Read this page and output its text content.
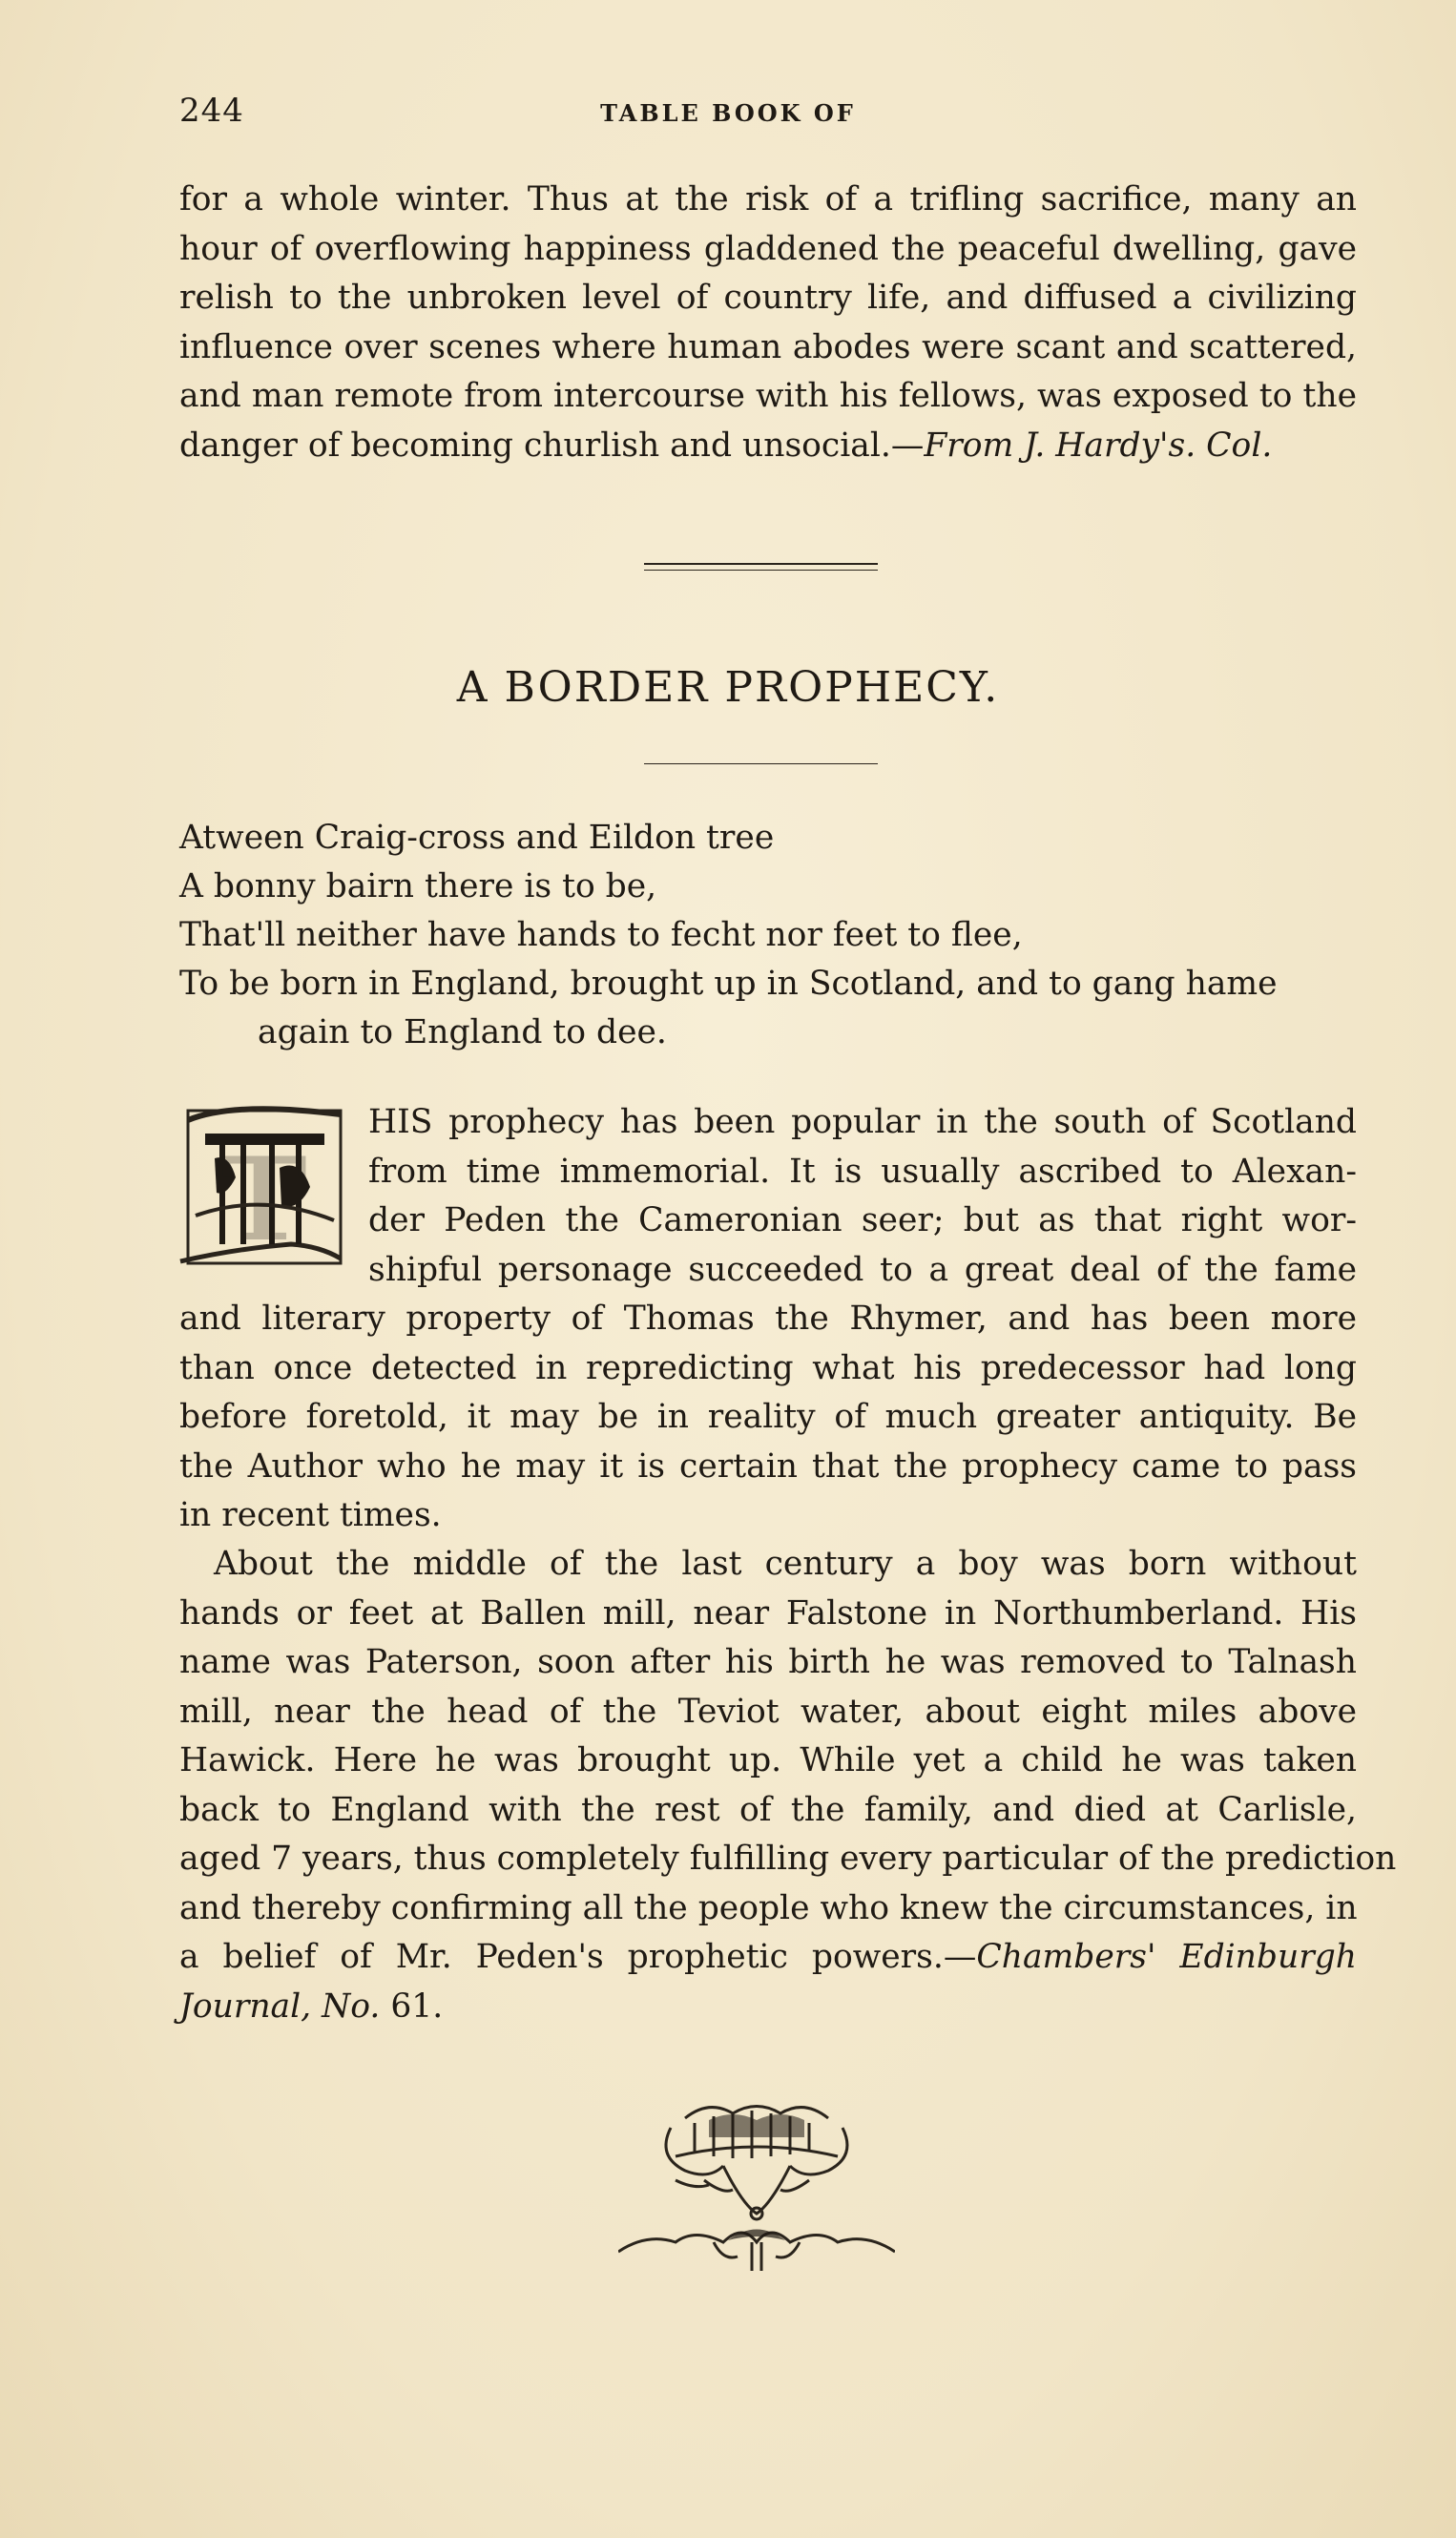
244	TABLE BOOK OF
for a whole winter. Thus at the risk of a trifling sacrifice, many an
hour of overflowing happiness gladdened the peaceful dwelling, gave
relish to the unbroken level of country life, and diffused a civilizing
influence over scenes where human abodes were scant and scattered,
and man remote from intercourse with his fellows, was exposed to the
danger of becoming churlish and unsocial.—From J. Hardy's. Col.
A BORDER PROPHECY.
Atween Craig-cross and Eildon tree
A bonny bairn there is to be,
That'll neither have hands to fecht nor feet to flee,
To be born in England, brought up in Scotland, and to gang hame
again to England to dee.
T
HIS prophecy has been popular in the south of Scotland
from time immemorial. It is usually ascribed to Alexan-
der Peden the Cameronian seer; but as that right wor-
shipful personage succeeded to a great deal of the fame
and literary property of Thomas the Rhymer, and has been more
than once detected in repredicting what his predecessor had long
before foretold, it may be in reality of much greater antiquity. Be
the Author who he may it is certain that the prophecy came to pass
in recent times.
About the middle of the last century a boy was born without
hands or feet at Ballen mill, near Falstone in Northumberland. His
name was Paterson, soon after his birth he was removed to Talnash
mill, near the head of the Teviot water, about eight miles above
Hawick. Here he was brought up. While yet a child he was taken
back to England with the rest of the family, and died at Carlisle,
aged 7 years, thus completely fulfilling every particular of the prediction
and thereby confirming all the people who knew the circumstances, in
a belief of Mr. Peden's prophetic powers.—Chambers' Edinburgh
Journal, No. 61.
